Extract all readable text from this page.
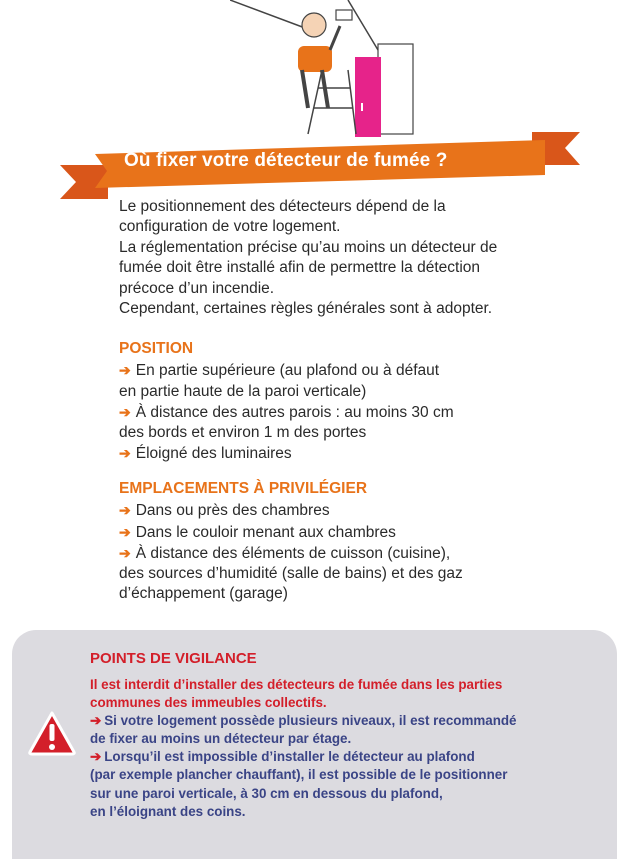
Où fixer votre détecteur de fumée ?

Le positionnement des détecteurs dépend de la

configuration de votre logement.

La réglementation précise qu’au moins un détecteur de

fumée doit être installé afin de permettre la détection

précoce d’un incendie.

Cependant, certaines règles générales sont à adopter.

POSITION

➔ En partie supérieure (au plafond ou à défaut

en partie haute de la paroi verticale)

➔ À distance des autres parois : au moins 30 cm

des bords et environ 1 m des portes

➔ Éloigné des luminaires

EMPLACEMENTS À PRIVILÉGIER

➔ Dans ou près des chambres

➔ Dans le couloir menant aux chambres

➔ À distance des éléments de cuisson (cuisine),

des sources d’humidité (salle de bains) et des gaz

d’échappement (garage)

POINTS DE VIGILANCE

Il est interdit d’installer des détecteurs de fumée dans les parties

communes des immeubles collectifs.

➔ Si votre logement possède plusieurs niveaux, il est recommandé

de fixer au moins un détecteur par étage.

➔ Lorsqu’il est impossible d’installer le détecteur au plafond

(par exemple plancher chauffant), il est possible de le positionner

sur une paroi verticale, à 30 cm en dessous du plafond,

en l’éloignant des coins.
